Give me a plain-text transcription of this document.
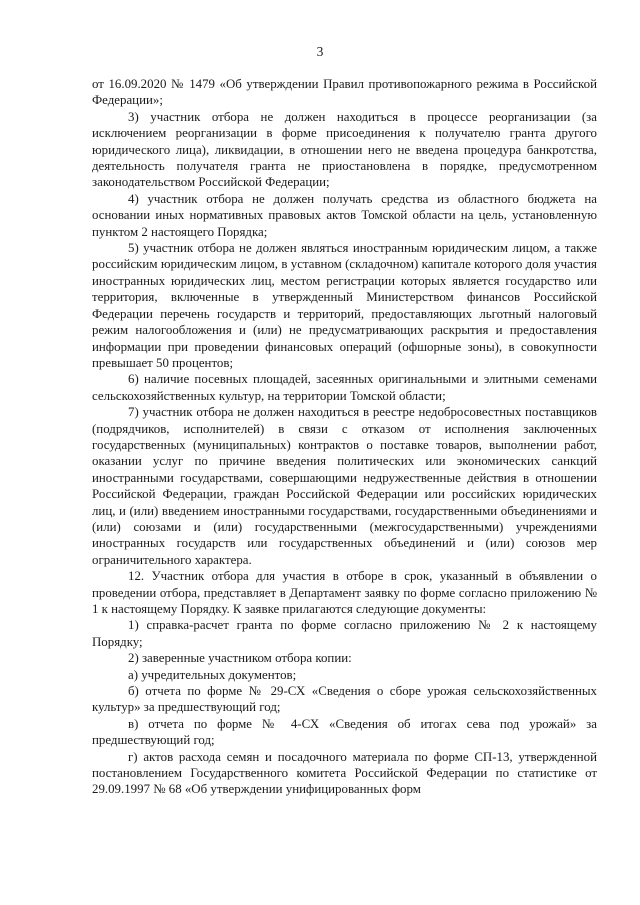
3

от 16.09.2020 № 1479 «Об утверждении Правил противопожарного режима в Российской Федерации»;

3) участник отбора не должен находиться в процессе реорганизации (за исключением реорганизации в форме присоединения к получателю гранта другого юридического лица), ликвидации, в отношении него не введена процедура банкротства, деятельность получателя гранта не приостановлена в порядке, предусмотренном законодательством Российской Федерации;

4) участник отбора не должен получать средства из областного бюджета на основании иных нормативных правовых актов Томской области на цель, установленную пунктом 2 настоящего Порядка;

5) участник отбора не должен являться иностранным юридическим лицом, а также российским юридическим лицом, в уставном (складочном) капитале которого доля участия иностранных юридических лиц, местом регистрации которых является государство или территория, включенные в утвержденный Министерством финансов Российской Федерации перечень государств и территорий, предоставляющих льготный налоговый режим налогообложения и (или) не предусматривающих раскрытия и предоставления информации при проведении финансовых операций (офшорные зоны), в совокупности превышает 50 процентов;

6) наличие посевных площадей, засеянных оригинальными и элитными семенами сельскохозяйственных культур, на территории Томской области;

7) участник отбора не должен находиться в реестре недобросовестных поставщиков (подрядчиков, исполнителей) в связи с отказом от исполнения заключенных государственных (муниципальных) контрактов о поставке товаров, выполнении работ, оказании услуг по причине введения политических или экономических санкций иностранными государствами, совершающими недружественные действия в отношении Российской Федерации, граждан Российской Федерации или российских юридических лиц, и (или) введением иностранными государствами, государственными объединениями и (или) союзами и (или) государственными (межгосударственными) учреждениями иностранных государств или государственных объединений и (или) союзов мер ограничительного характера.

12. Участник отбора для участия в отборе в срок, указанный в объявлении о проведении отбора, представляет в Департамент заявку по форме согласно приложению № 1 к настоящему Порядку. К заявке прилагаются следующие документы:

1) справка-расчет гранта по форме согласно приложению № 2 к настоящему Порядку;

2) заверенные участником отбора копии:

а) учредительных документов;

б) отчета по форме № 29-СХ «Сведения о сборе урожая сельскохозяйственных культур» за предшествующий год;

в) отчета по форме № 4-СХ «Сведения об итогах сева под урожай» за предшествующий год;

г) актов расхода семян и посадочного материала по форме СП-13, утвержденной постановлением Государственного комитета Российской Федерации по статистике от 29.09.1997 № 68 «Об утверждении унифицированных форм
